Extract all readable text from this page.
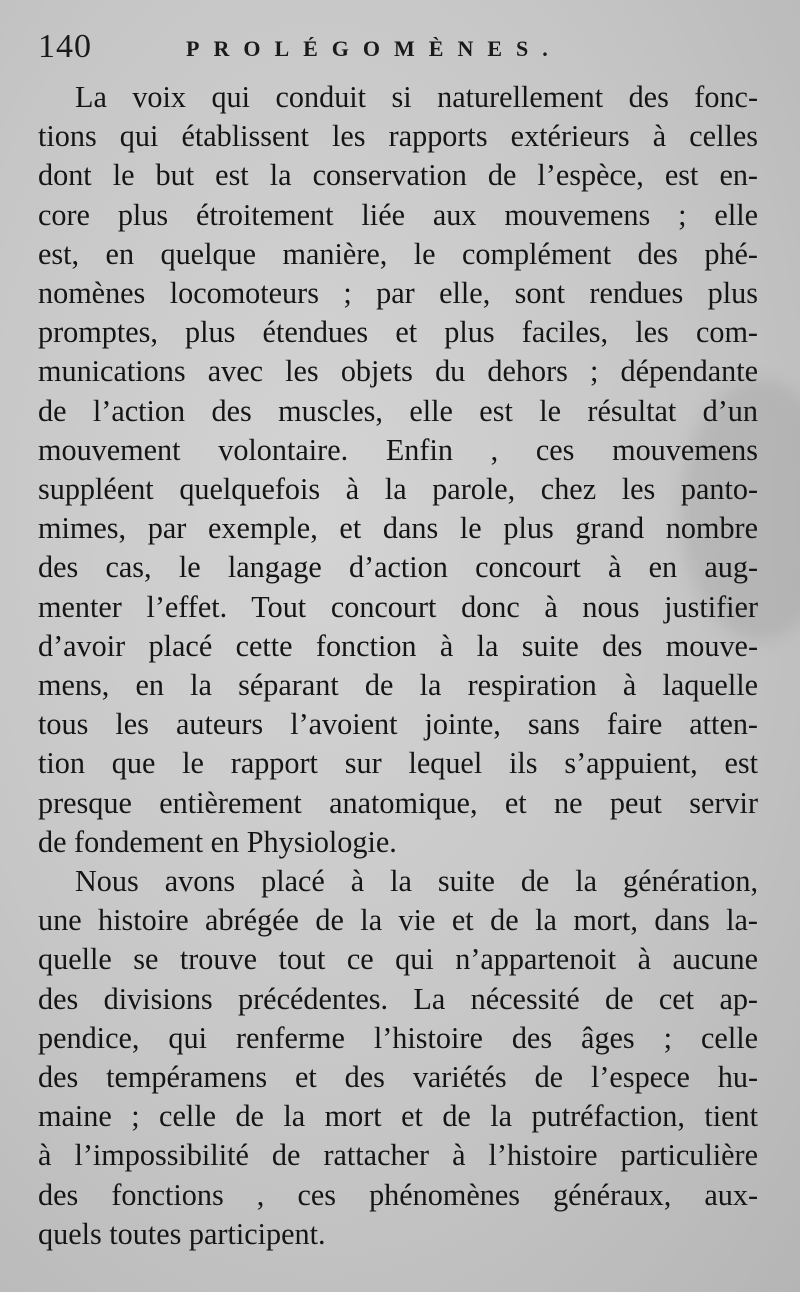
140	PROLÉGOMÈNES.
La voix qui conduit si naturellement des fonc-
tions qui établissent les rapports extérieurs à celles
dont le but est la conservation de l’espèce, est en-
core plus étroitement liée aux mouvemens ; elle
est, en quelque manière, le complément des phé-
nomènes locomoteurs ; par elle, sont rendues plus
promptes, plus étendues et plus faciles, les com-
munications avec les objets du dehors ; dépendante
de l’action des muscles, elle est le résultat d’un
mouvement volontaire. Enfin , ces mouvemens
suppléent quelquefois à la parole, chez les panto-
mimes, par exemple, et dans le plus grand nombre
des cas, le langage d’action concourt à en aug-
menter l’effet. Tout concourt donc à nous justifier
d’avoir placé cette fonction à la suite des mouve-
mens, en la séparant de la respiration à laquelle
tous les auteurs l’avoient jointe, sans faire atten-
tion que le rapport sur lequel ils s’appuient, est
presque entièrement anatomique, et ne peut servir
de fondement en Physiologie.
Nous avons placé à la suite de la génération,
une histoire abrégée de la vie et de la mort, dans la-
quelle se trouve tout ce qui n’appartenoit à aucune
des divisions précédentes. La nécessité de cet ap-
pendice, qui renferme l’histoire des âges ; celle
des tempéramens et des variétés de l’espece hu-
maine ; celle de la mort et de la putréfaction, tient
à l’impossibilité de rattacher à l’histoire particulière
des fonctions , ces phénomènes généraux, aux-
quels toutes participent.
